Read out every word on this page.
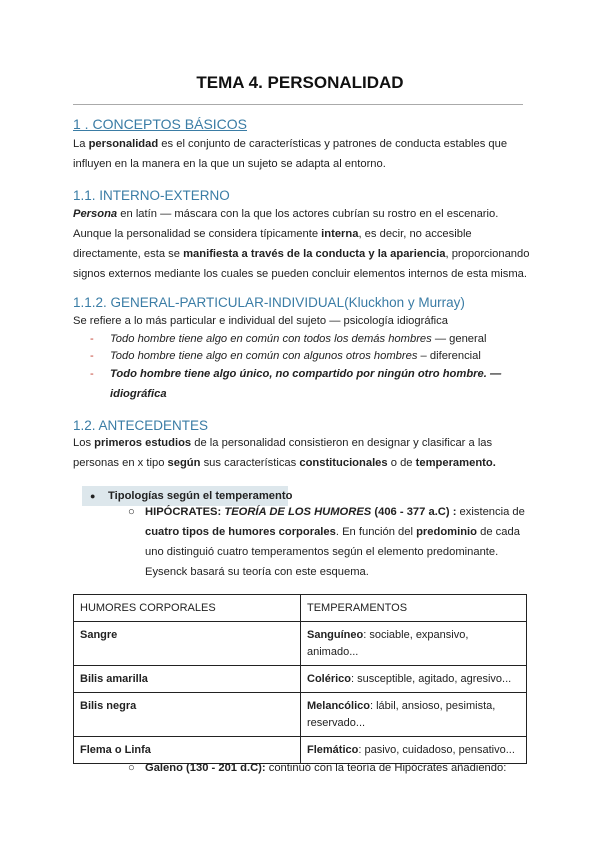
TEMA 4. PERSONALIDAD
1 . CONCEPTOS BÁSICOS
La personalidad es el conjunto de características y patrones de conducta estables que influyen en la manera en la que un sujeto se adapta al entorno.
1.1. INTERNO-EXTERNO
Persona en latín — máscara con la que los actores cubrían su rostro en el escenario. Aunque la personalidad se considera típicamente interna, es decir, no accesible directamente, esta se manifiesta a través de la conducta y la apariencia, proporcionando signos externos mediante los cuales se pueden concluir elementos internos de esta misma.
1.1.2. GENERAL-PARTICULAR-INDIVIDUAL(Kluckhon y Murray)
Se refiere a lo más particular e individual del sujeto — psicología idiográfica
- Todo hombre tiene algo en común con todos los demás hombres — general
- Todo hombre tiene algo en común con algunos otros hombres – diferencial
- Todo hombre tiene algo único, no compartido por ningún otro hombre. — idiográfica
1.2. ANTECEDENTES
Los primeros estudios de la personalidad consistieron en designar y clasificar a las personas en x tipo según sus características constitucionales o de temperamento.
● Tipologías según el temperamento
○ HIPÓCRATES: TEORÍA DE LOS HUMORES (406 - 377 a.C) : existencia de cuatro tipos de humores corporales. En función del predominio de cada uno distinguió cuatro temperamentos según el elemento predominante. Eysenck basará su teoría con este esquema.
HUMORES CORPORALES	TEMPERAMENTOS
Sangre	Sanguíneo: sociable, expansivo, animado...
Bilis amarilla	Colérico: susceptible, agitado, agresivo...
Bilis negra	Melancólico: lábil, ansioso, pesimista, reservado...
Flema o Linfa	Flemático: pasivo, cuidadoso, pensativo...
○ Galeno (130 - 201 d.C): continuó con la teoría de Hipócrates añadiendo:
